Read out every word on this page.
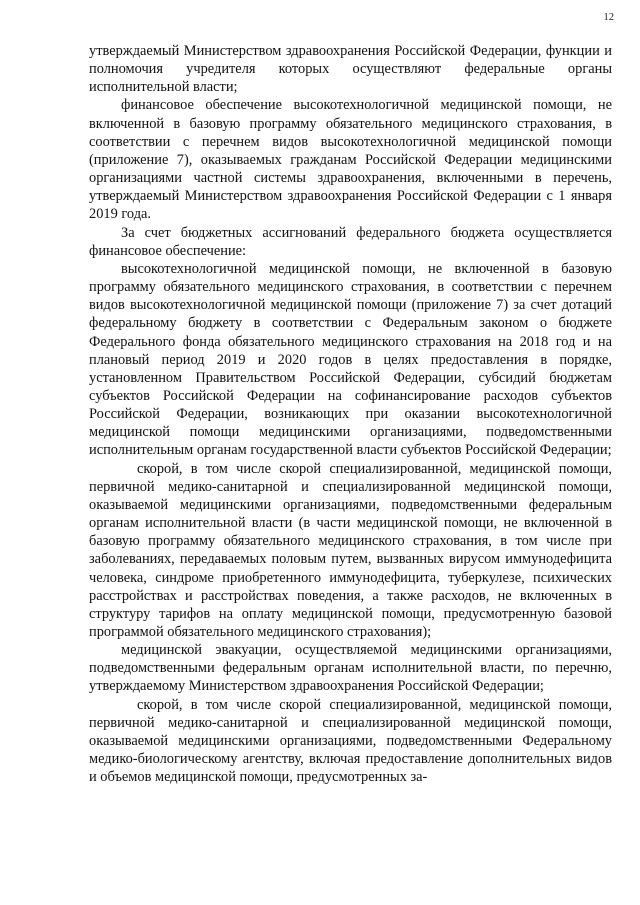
12

утверждаемый Министерством здравоохранения Российской Федерации, функции и полномочия учредителя которых осуществляют федеральные органы исполнительной власти;

финансовое обеспечение высокотехнологичной медицинской помощи, не включенной в базовую программу обязательного медицинского страхования, в соответствии с перечнем видов высокотехнологичной медицинской помощи (приложение 7), оказываемых гражданам Российской Федерации медицинскими организациями частной системы здравоохранения, включенными в перечень, утверждаемый Министерством здравоохранения Российской Федерации с 1 января 2019 года.

За счет бюджетных ассигнований федерального бюджета осуществляется финансовое обеспечение:

высокотехнологичной медицинской помощи, не включенной в базовую программу обязательного медицинского страхования, в соответствии с перечнем видов высокотехнологичной медицинской помощи (приложение 7) за счет дотаций федеральному бюджету в соответствии с Федеральным законом о бюджете Федерального фонда обязательного медицинского страхования на 2018 год и на плановый период 2019 и 2020 годов в целях предоставления в порядке, установленном Правительством Российской Федерации, субсидий бюджетам субъектов Российской Федерации на софинансирование расходов субъектов Российской Федерации, возникающих при оказании высокотехнологичной медицинской помощи медицинскими организациями, подведомственными исполнительным органам государственной власти субъектов Российской Федерации;

скорой, в том числе скорой специализированной, медицинской помощи, первичной медико-санитарной и специализированной медицинской помощи, оказываемой медицинскими организациями, подведомственными федеральным органам исполнительной власти (в части медицинской помощи, не включенной в базовую программу обязательного медицинского страхования, в том числе при заболеваниях, передаваемых половым путем, вызванных вирусом иммунодефицита человека, синдроме приобретенного иммунодефицита, туберкулезе, психических расстройствах и расстройствах поведения, а также расходов, не включенных в структуру тарифов на оплату медицинской помощи, предусмотренную базовой программой обязательного медицинского страхования);

медицинской эвакуации, осуществляемой медицинскими организациями, подведомственными федеральным органам исполнительной власти, по перечню, утверждаемому Министерством здравоохранения Российской Федерации;

скорой, в том числе скорой специализированной, медицинской помощи, первичной медико-санитарной и специализированной медицинской помощи, оказываемой медицинскими организациями, подведомственными Федеральному медико-биологическому агентству, включая предоставление дополнительных видов и объемов медицинской помощи, предусмотренных за-
